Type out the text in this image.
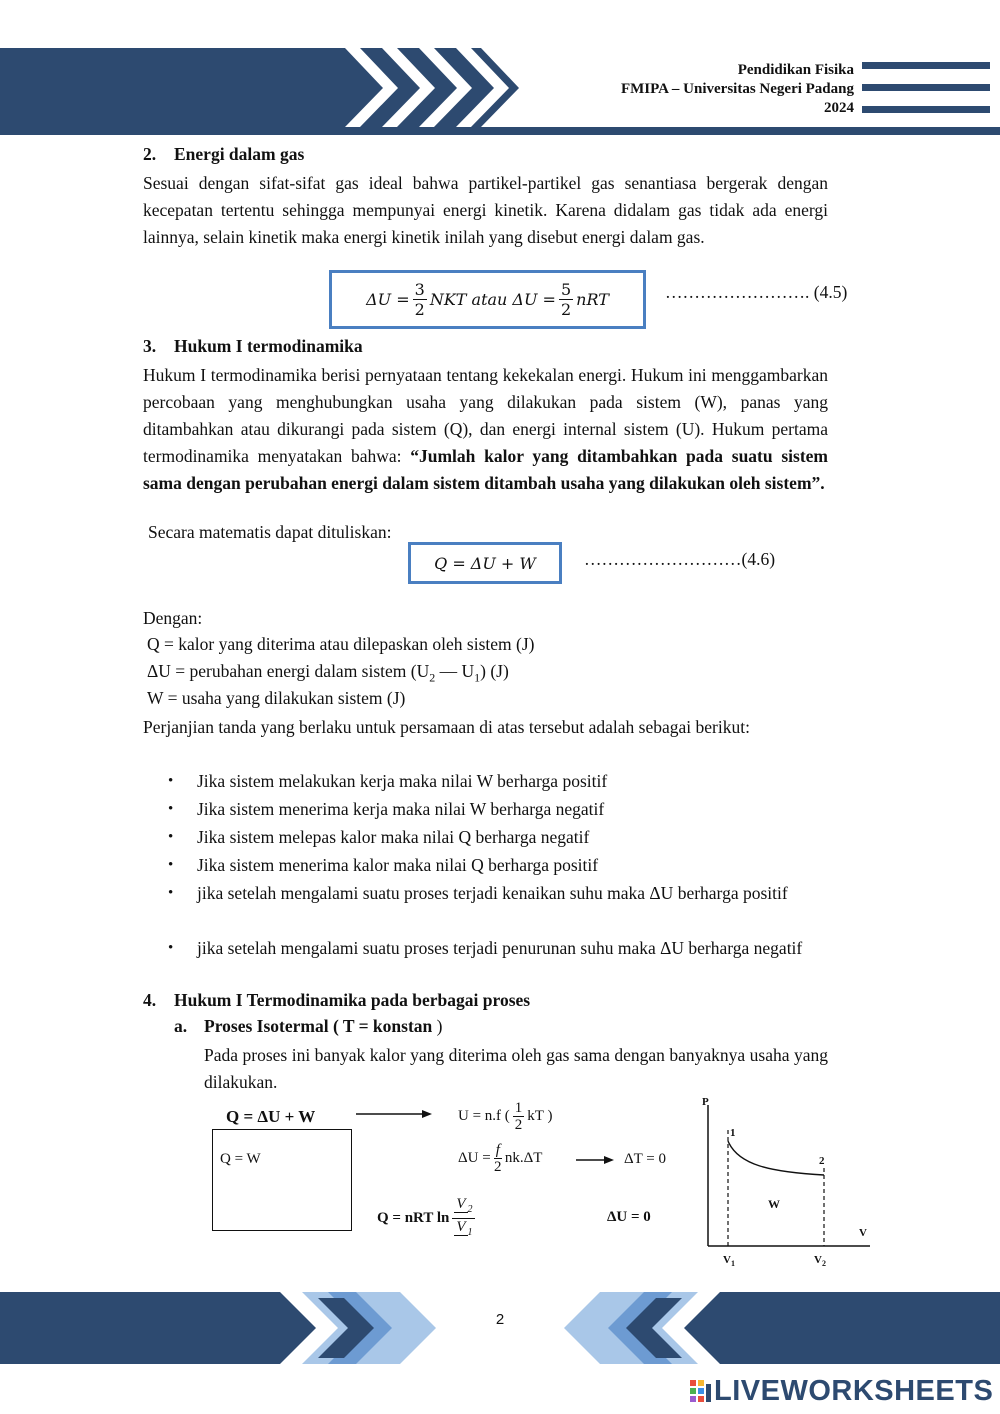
Pendidikan Fisika
FMIPA – Universitas Negeri Padang
2024
2. Energi dalam gas
Sesuai dengan sifat-sifat gas ideal bahwa partikel-partikel gas senantiasa bergerak dengan kecepatan tertentu sehingga mempunyai energi kinetik. Karena didalam gas tidak ada energi lainnya, selain kinetik maka energi kinetik inilah yang disebut energi dalam gas.
$\Delta U = \frac{3}{2}$ NKT atau $\Delta U = \frac{5}{2}$ nRT	……………………. (4.5)
3. Hukum I termodinamika
Hukum I termodinamika berisi pernyataan tentang kekekalan energi. Hukum ini menggambarkan percobaan yang menghubungkan usaha yang dilakukan pada sistem (W), panas yang ditambahkan atau dikurangi pada sistem (Q), dan energi internal sistem (U). Hukum pertama termodinamika menyatakan bahwa: “Jumlah kalor yang ditambahkan pada suatu sistem sama dengan perubahan energi dalam sistem ditambah usaha yang dilakukan oleh sistem”.
Secara matematis dapat dituliskan:
Q = ΔU + W	………………………(4.6)
Dengan:
Q = kalor yang diterima atau dilepaskan oleh sistem (J)
ΔU = perubahan energi dalam sistem ($U_2$ — $U_1$) (J)
W = usaha yang dilakukan sistem (J)
Perjanjian tanda yang berlaku untuk persamaan di atas tersebut adalah sebagai berikut:
• Jika sistem melakukan kerja maka nilai W berharga positif
• Jika sistem menerima kerja maka nilai W berharga negatif
• Jika sistem melepas kalor maka nilai Q berharga negatif
• Jika sistem menerima kalor maka nilai Q berharga positif
• jika setelah mengalami suatu proses terjadi kenaikan suhu maka ΔU berharga positif
• jika setelah mengalami suatu proses terjadi penurunan suhu maka ΔU berharga negatif
4. Hukum I Termodinamika pada berbagai proses
a. Proses Isotermal ( T = konstan )
Pada proses ini banyak kalor yang diterima oleh gas sama dengan banyaknya usaha yang dilakukan.
Q = ΔU + W
Q = W
U = n.f ( $\frac{1}{2}$ kT )
$\Delta U = \frac{f}{2} nk.\Delta T$	ΔT = 0
Q = nRT $\ln \frac{V _2}{V _1}$	ΔU = 0
P
V
1
2
W
$V_1$	$V_2$
2
LIVEWORKSHEETS
